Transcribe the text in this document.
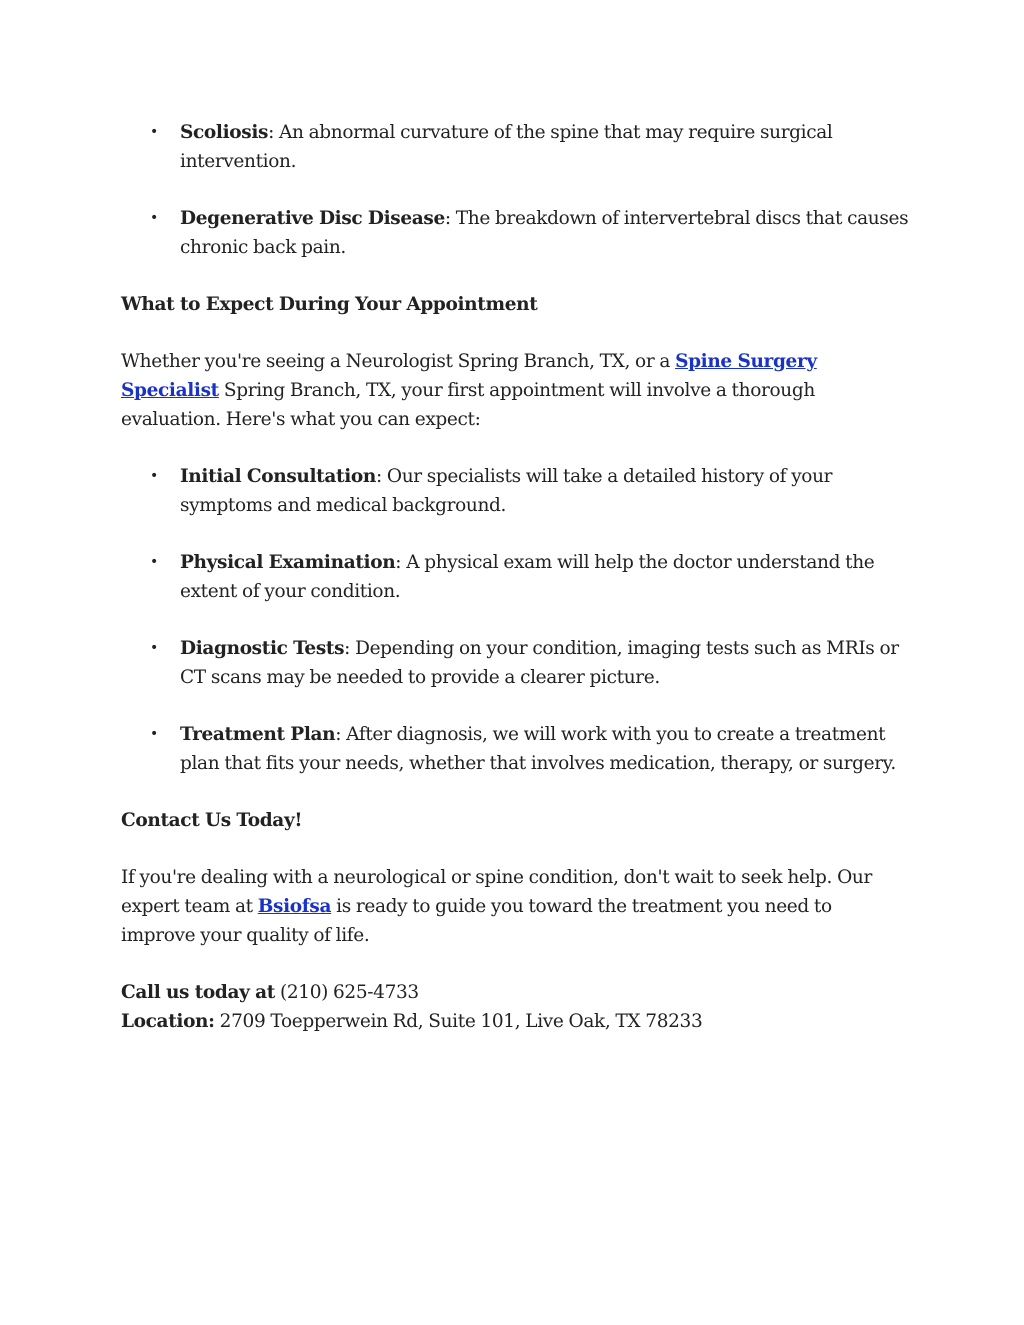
• Scoliosis: An abnormal curvature of the spine that may require surgical intervention.
• Degenerative Disc Disease: The breakdown of intervertebral discs that causes chronic back pain.

What to Expect During Your Appointment

Whether you're seeing a Neurologist Spring Branch, TX, or a Spine Surgery Specialist Spring Branch, TX, your first appointment will involve a thorough evaluation. Here's what you can expect:

• Initial Consultation: Our specialists will take a detailed history of your symptoms and medical background.
• Physical Examination: A physical exam will help the doctor understand the extent of your condition.
• Diagnostic Tests: Depending on your condition, imaging tests such as MRIs or CT scans may be needed to provide a clearer picture.
• Treatment Plan: After diagnosis, we will work with you to create a treatment plan that fits your needs, whether that involves medication, therapy, or surgery.

Contact Us Today!

If you're dealing with a neurological or spine condition, don't wait to seek help. Our expert team at Bsiofsa is ready to guide you toward the treatment you need to improve your quality of life.

Call us today at (210) 625-4733
Location: 2709 Toepperwein Rd, Suite 101, Live Oak, TX 78233
